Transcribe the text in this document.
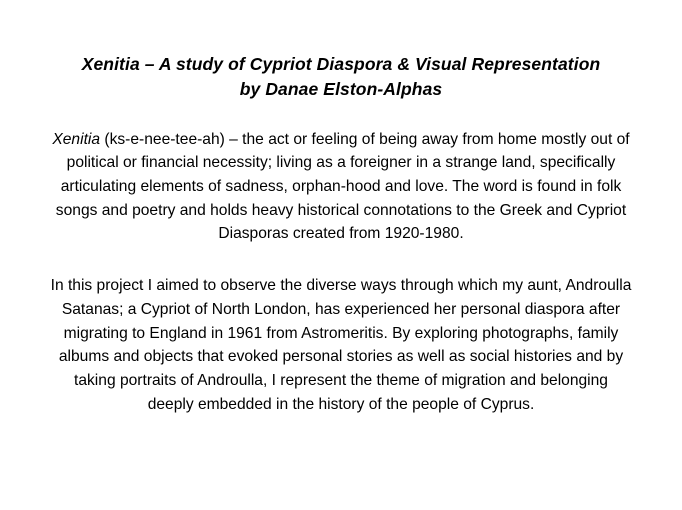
Xenitia – A study of Cypriot Diaspora & Visual Representation
by Danae Elston-Alphas

Xenitia (ks-e-nee-tee-ah) – the act or feeling of being away from home mostly out of political or financial necessity; living as a foreigner in a strange land, specifically articulating elements of sadness, orphan-hood and love. The word is found in folk songs and poetry and holds heavy historical connotations to the Greek and Cypriot Diasporas created from 1920-1980.

In this project I aimed to observe the diverse ways through which my aunt, Androulla Satanas; a Cypriot of North London, has experienced her personal diaspora after migrating to England in 1961 from Astromeritis. By exploring photographs, family albums and objects that evoked personal stories as well as social histories and by taking portraits of Androulla, I represent the theme of migration and belonging deeply embedded in the history of the people of Cyprus.
